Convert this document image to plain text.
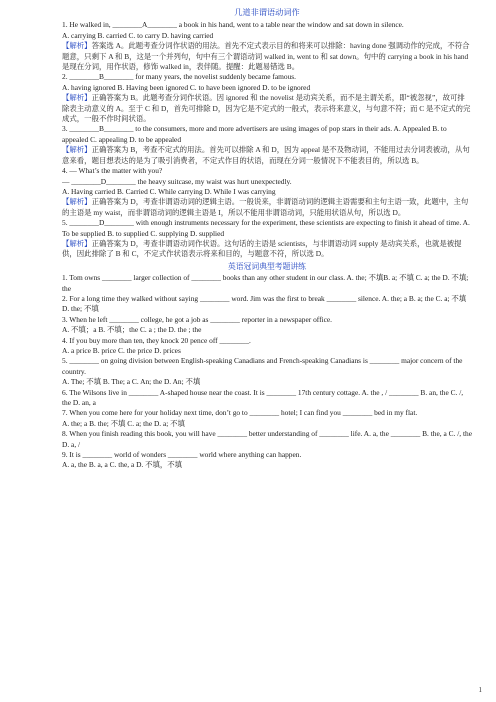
几道非谓语动词作
1. He walked in, ________A________ a book in his hand, went to a table near the window and sat down in silence.
A. carrying B. carried C. to carry D. having carried
【解析】答案选 A。此题考查分词作状语的用法。首先不定式表示目的和将来可以排除：having done 强调动作的完成，不符合题意，只剩下 A 和 B，这是一个并列句，句中有三个谓语动词 walked in, went to 和 sat down。句中的 carrying a book in his hand 是现在分词，用作状语，修饰 walked in，表伴随。提醒：此题易错选 B。
2. ________B________ for many years, the novelist suddenly became famous.
A. having ignored B. Having been ignored C. to have been ignored D. to be ignored
【解析】正确答案为 B。此题考查分词作状语。因 ignored 和 the novelist 是动宾关系，而不是主谓关系，即“被忽视”，故可排除表主动意义的 A。至于 C 和 D，首先可排除 D，因为它是不定式的一般式，表示将来意义，与句意不符；而 C 是不定式的完成式，一般不作时间状语。
3. ________B________ to the consumers, more and more advertisers are using images of pop stars in their ads. A. Appealed B. to appealed C. appealing D. to be appealed
【解析】正确答案为 B，考查不定式的用法。首先可以排除 A 和 D，因为 appeal 是不及物动词，不能用过去分词表被动，从句意来看，题目想表达的是为了吸引消费者，不定式作目的状语，而现在分词一般情况下不能表目的，所以选 B。
4. — What’s the matter with you?
— ________D________ the heavy suitcase, my waist was hurt unexpectedly.
A. Having carried B. Carried C. While carrying D. While I was carrying
【解析】正确答案为 D，考查非谓语动词的逻辑主语。一般说来，非谓语动词的逻辑主语需要和主句主语一致，此题中，主句的主语是 my waist，而非谓语动词的逻辑主语是 I，所以不能用非谓语动词，只能用状语从句，所以选 D。
5. ________D________ with enough instruments necessary for the experiment, these scientists are expecting to finish it ahead of time. A. To be supplied B. to supplied C. supplying D. supplied
【解析】正确答案为 D，考查非谓语动词作状语。这句话的主语是 scientists，与非谓语动词 supply 是动宾关系，也就是被提供，因此排除了 B 和 C，不定式作状语表示将来和目的，与题意不符，所以选 D。
英语冠词典型考题讲练
1. Tom owns ________ larger collection of ________ books than any other student in our class. A. the; 不填B. a; 不填 C. a; the D. 不填; the
2. For a long time they walked without saying ________ word. Jim was the first to break ________ silence. A. the; a B. a; the C. a; 不填 D. the; 不填
3. When he left ________ college, he got a job as ________ reporter in a newspaper office.
A. 不填；a B. 不填；the C. a ; the D. the ; the
4. If you buy more than ten, they knock 20 pence off ________.
A. a price B. price C. the price D. prices
5. ________ on going division between English-speaking Canadians and French-speaking Canadians is ________ major concern of the country.
A. The; 不填 B. The; a C. An; the D. An; 不填
6. The Wilsons live in ________ A-shaped house near the coast. It is ________ 17th century cottage. A. the , / ________ B. an, the C. /, the D. an, a
7. When you come here for your holiday next time, don’t go to ________ hotel; I can find you ________ bed in my flat.
A. the; a B. the; 不填 C. a; the D. a; 不填
8. When you finish reading this book, you will have ________ better understanding of ________ life. A. a, the ________ B. the, a C. /, the D. a, /
9. It is ________ world of wonders ________ world where anything can happen.
A. a, the B. a, a C. the, a D. 不填，不填
1
